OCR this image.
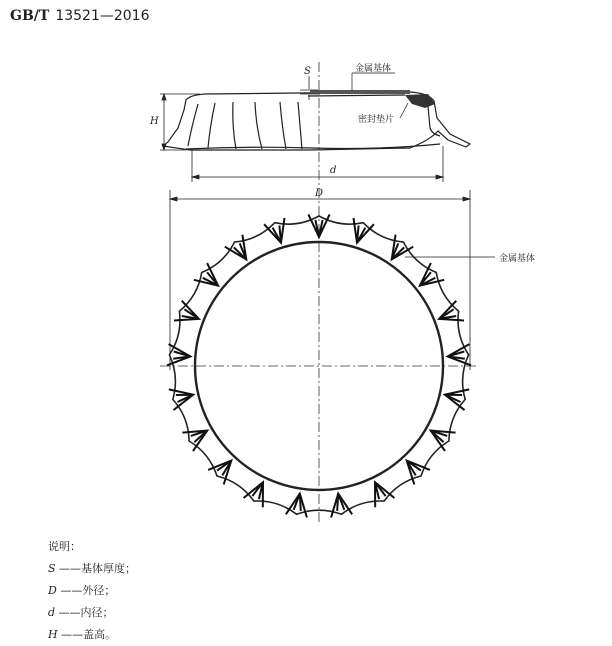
GB/T 13521—2016
S
H
d
D
金属基体
密封垫片
金属基体
说明：
S ——基体厚度；
D ——外径；
d ——内径；
H ——盖高。
